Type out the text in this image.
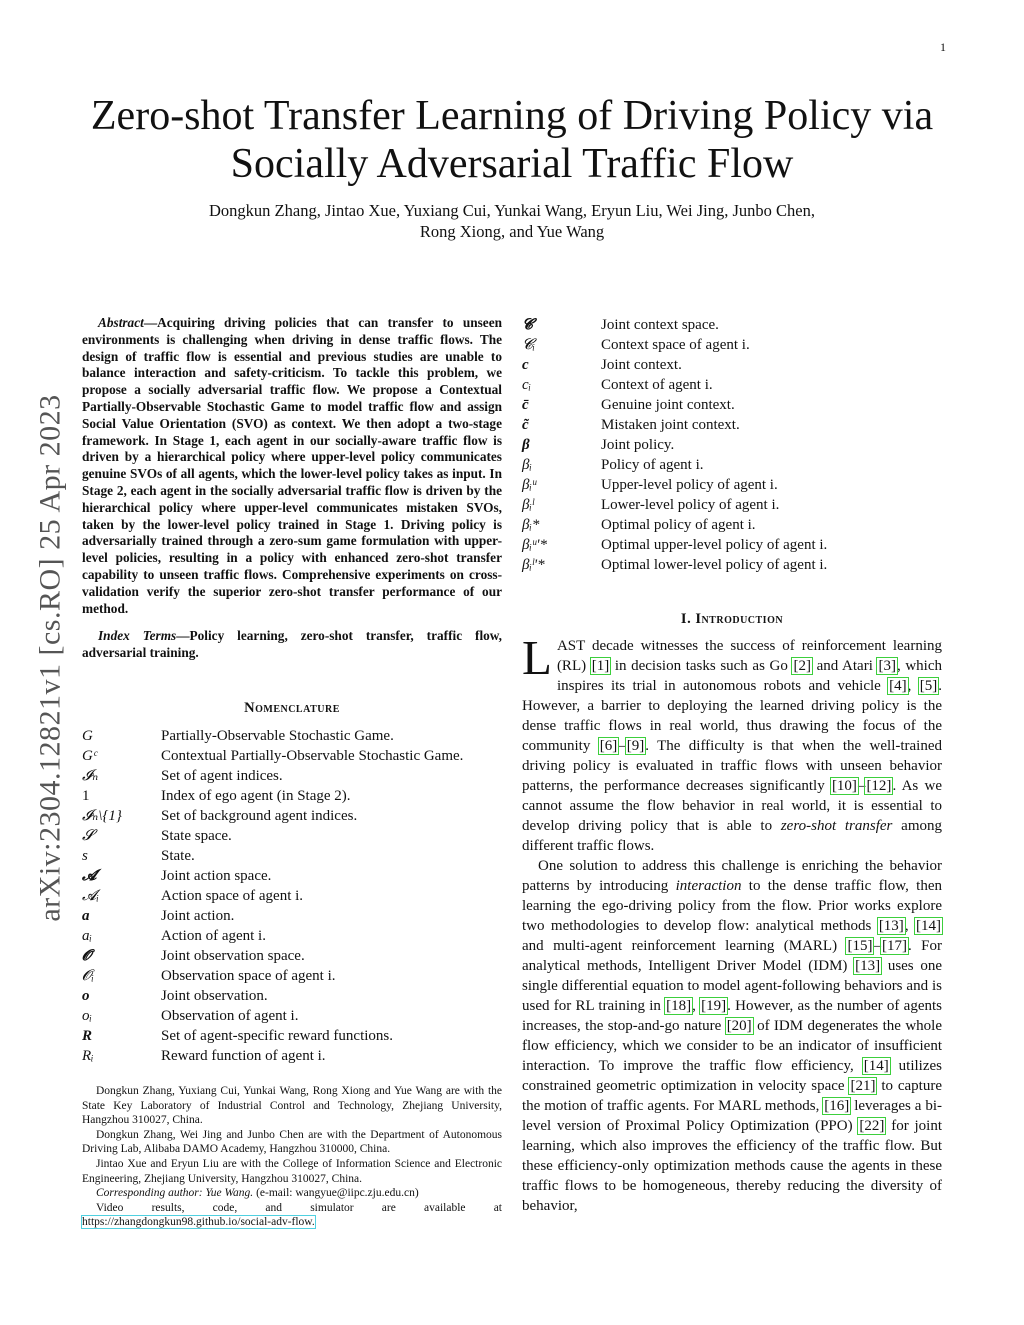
1
arXiv:2304.12821v1 [cs.RO] 25 Apr 2023
Zero-shot Transfer Learning of Driving Policy via Socially Adversarial Traffic Flow
Dongkun Zhang, Jintao Xue, Yuxiang Cui, Yunkai Wang, Eryun Liu, Wei Jing, Junbo Chen,
Rong Xiong, and Yue Wang

Abstract—Acquiring driving policies that can transfer to unseen environments is challenging when driving in dense traffic flows. The design of traffic flow is essential and previous studies are unable to balance interaction and safety-criticism. To tackle this problem, we propose a socially adversarial traffic flow. We propose a Contextual Partially-Observable Stochastic Game to model traffic flow and assign Social Value Orientation (SVO) as context. We then adopt a two-stage framework. In Stage 1, each agent in our socially-aware traffic flow is driven by a hierarchical policy where upper-level policy communicates genuine SVOs of all agents, which the lower-level policy takes as input. In Stage 2, each agent in the socially adversarial traffic flow is driven by the hierarchical policy where upper-level communicates mistaken SVOs, taken by the lower-level policy trained in Stage 1. Driving policy is adversarially trained through a zero-sum game formulation with upper-level policies, resulting in a policy with enhanced zero-shot transfer capability to unseen traffic flows. Comprehensive experiments on cross-validation verify the superior zero-shot transfer performance of our method.

Index Terms—Policy learning, zero-shot transfer, traffic flow, adversarial training.

Nomenclature
G	Partially-Observable Stochastic Game.
Gᶜ	Contextual Partially-Observable Stochastic Game.
𝓘ₙ	Set of agent indices.
1	Index of ego agent (in Stage 2).
𝓘ₙ\{1}	Set of background agent indices.
𝓢	State space.
s	State.
𝓐	Joint action space.
𝓐ᵢ	Action space of agent i.
a	Joint action.
aᵢ	Action of agent i.
𝓞	Joint observation space.
𝓞ᵢ	Observation space of agent i.
o	Joint observation.
oᵢ	Observation of agent i.
R	Set of agent-specific reward functions.
Rᵢ	Reward function of agent i.

Dongkun Zhang, Yuxiang Cui, Yunkai Wang, Rong Xiong and Yue Wang are with the State Key Laboratory of Industrial Control and Technology, Zhejiang University, Hangzhou 310027, China.

Dongkun Zhang, Wei Jing and Junbo Chen are with the Department of Autonomous Driving Lab, Alibaba DAMO Academy, Hangzhou 310000, China.

Jintao Xue and Eryun Liu are with the College of Information Science and Electronic Engineering, Zhejiang University, Hangzhou 310027, China.

Corresponding author: Yue Wang. (e-mail: wangyue@iipc.zju.edu.cn)

Video results, code, and simulator are available at https://zhangdongkun98.github.io/social-adv-flow.

𝓒	Joint context space.
𝓒ᵢ	Context space of agent i.
c	Joint context.
cᵢ	Context of agent i.
c̄	Genuine joint context.
c̃	Mistaken joint context.
β	Joint policy.
βᵢ	Policy of agent i.
βᵢᵘ	Upper-level policy of agent i.
βᵢˡ	Lower-level policy of agent i.
βᵢ*	Optimal policy of agent i.
βᵢᵘ'*	Optimal upper-level policy of agent i.
βᵢˡ'*	Optimal lower-level policy of agent i.
I. Introduction

LAST decade witnesses the success of reinforcement learning (RL) [1] in decision tasks such as Go [2] and Atari [3], which inspires its trial in autonomous robots and vehicle [4], [5]. However, a barrier to deploying the learned driving policy is the dense traffic flows in real world, thus drawing the focus of the community [6]–[9]. The difficulty is that when the well-trained driving policy is evaluated in traffic flows with unseen behavior patterns, the performance decreases significantly [10]–[12]. As we cannot assume the flow behavior in real world, it is essential to develop driving policy that is able to zero-shot transfer among different traffic flows.

One solution to address this challenge is enriching the behavior patterns by introducing interaction to the dense traffic flow, then learning the ego-driving policy from the flow. Prior works explore two methodologies to develop flow: analytical methods [13], [14] and multi-agent reinforcement learning (MARL) [15]–[17]. For analytical methods, Intelligent Driver Model (IDM) [13] uses one single differential equation to model agent-following behaviors and is used for RL training in [18], [19]. However, as the number of agents increases, the stop-and-go nature [20] of IDM degenerates the whole flow efficiency, which we consider to be an indicator of insufficient interaction. To improve the traffic flow efficiency, [14] utilizes constrained geometric optimization in velocity space [21] to capture the motion of traffic agents. For MARL methods, [16] leverages a bi-level version of Proximal Policy Optimization (PPO) [22] for joint learning, which also improves the efficiency of the traffic flow. But these efficiency-only optimization methods cause the agents in these traffic flows to be homogeneous, thereby reducing the diversity of behavior,
